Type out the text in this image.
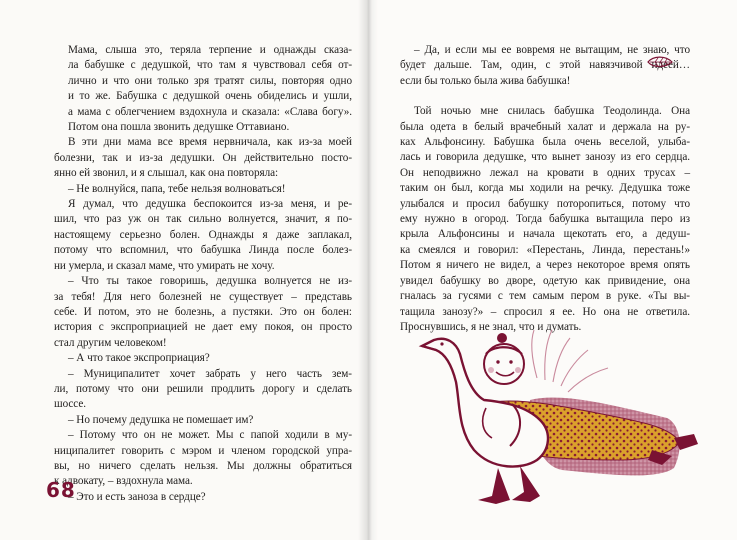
Мама, слыша это, теряла терпение и однажды сказа-
ла бабушке с дедушкой, что там я чувствовал себя от-
лично и что они только зря тратят силы, повторяя одно
и то же. Бабушка с дедушкой очень обиделись и ушли,
а мама с облегчением вздохнула и сказала: «Слава богу».
Потом она пошла звонить дедушке Оттавиано.

В эти дни мама все время нервничала, как из-за моей
болезни, так и из-за дедушки. Он действительно посто-
янно ей звонил, и я слышал, как она повторяла:
– Не волнуйся, папа, тебе нельзя волноваться!
Я думал, что дедушка беспокоится из-за меня, и ре-
шил, что раз уж он так сильно волнуется, значит, я по-
настоящему серьезно болен. Однажды я даже заплакал,
потому что вспомнил, что бабушка Линда после болез-
ни умерла, и сказал маме, что умирать не хочу.
– Что ты такое говоришь, дедушка волнуется не из-
за тебя! Для него болезней не существует – представь
себе. И потом, это не болезнь, а пустяки. Это он болен:
история с экспроприацией не дает ему покоя, он просто
стал другим человеком!
– А что такое экспроприация?
– Муниципалитет хочет забрать у него часть зем-
ли, потому что они решили продлить дорогу и сделать
шоссе.
– Но почему дедушка не помешает им?
– Потому что он не может. Мы с папой ходили в му-
ниципалитет говорить с мэром и членом городской упра-
вы, но ничего сделать нельзя. Мы должны обратиться
к адвокату, – вздохнула мама.
– Это и есть заноза в сердце?

68

– Да, и если мы ее вовремя не вытащим, не знаю, что
будет дальше. Там, один, с этой навязчивой идеей…
если бы только была жива бабушка!

Той ночью мне снилась бабушка Теодолинда. Она
была одета в белый врачебный халат и держала на ру-
ках Альфонсину. Бабушка была очень веселой, улыба-
лась и говорила дедушке, что вынет занозу из его сердца.
Он неподвижно лежал на кровати в одних трусах –
таким он был, когда мы ходили на речку. Дедушка тоже
улыбался и просил бабушку поторопиться, потому что
ему нужно в огород. Тогда бабушка вытащила перо из
крыла Альфонсины и начала щекотать его, а дедуш-
ка смеялся и говорил: «Перестань, Линда, перестань!»
Потом я ничего не видел, а через некоторое время опять
увидел бабушку во дворе, одетую как привидение, она
гналась за гусями с тем самым пером в руке. «Ты вы-
тащила занозу?» – спросил я ее. Но она не ответила.
Проснувшись, я не знал, что и думать.
